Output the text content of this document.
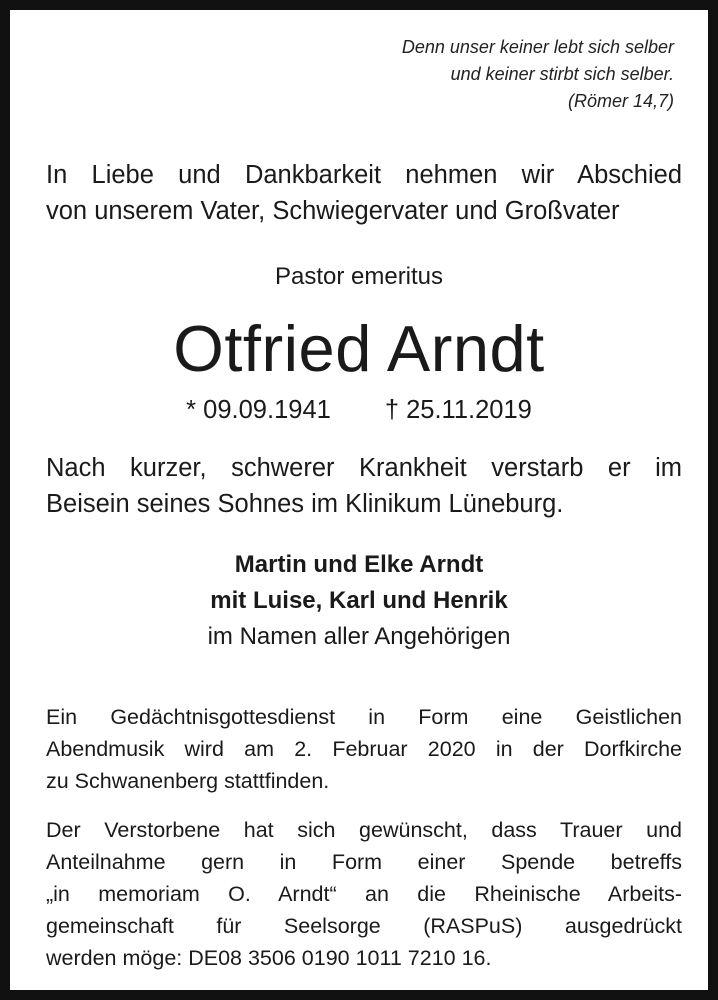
Denn unser keiner lebt sich selber
und keiner stirbt sich selber.
(Römer 14,7)
In Liebe und Dankbarkeit nehmen wir Abschied
von unserem Vater, Schwiegervater und Großvater
Pastor emeritus
Otfried Arndt
* 09.09.1941 † 25.11.2019
Nach kurzer, schwerer Krankheit verstarb er im
Beisein seines Sohnes im Klinikum Lüneburg.
Martin und Elke Arndt
mit Luise, Karl und Henrik
im Namen aller Angehörigen
Ein Gedächtnisgottesdienst in Form eine Geistlichen
Abendmusik wird am 2. Februar 2020 in der Dorfkirche
zu Schwanenberg stattfinden.
Der Verstorbene hat sich gewünscht, dass Trauer und
Anteilnahme gern in Form einer Spende betreffs
„in memoriam O. Arndt“ an die Rheinische Arbeits-
gemeinschaft für Seelsorge (RASPuS) ausgedrückt
werden möge: DE08 3506 0190 1011 7210 16.
